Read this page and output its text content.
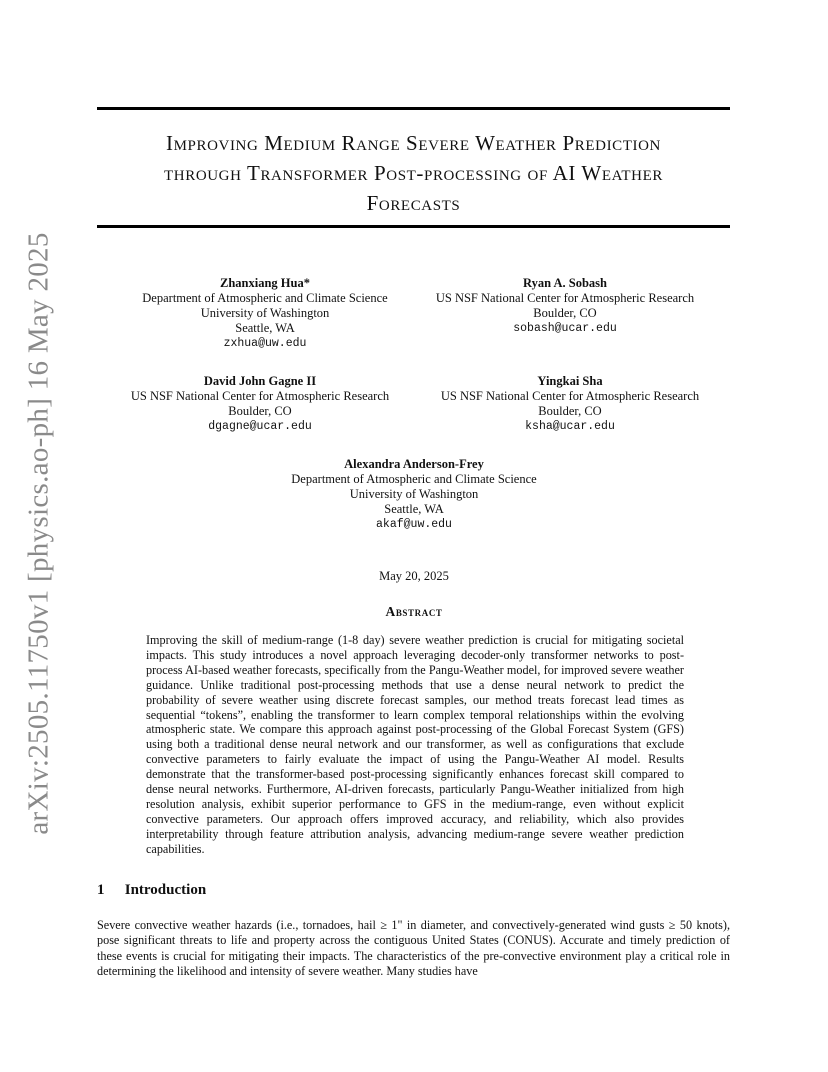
arXiv:2505.11750v1 [physics.ao-ph] 16 May 2025
Improving Medium Range Severe Weather Prediction
through Transformer Post-processing of AI Weather
Forecasts
Zhanxiang Hua*
Department of Atmospheric and Climate Science
University of Washington
Seattle, WA
zxhua@uw.edu
Ryan A. Sobash
US NSF National Center for Atmospheric Research
Boulder, CO
sobash@ucar.edu
David John Gagne II
US NSF National Center for Atmospheric Research
Boulder, CO
dgagne@ucar.edu
Yingkai Sha
US NSF National Center for Atmospheric Research
Boulder, CO
ksha@ucar.edu
Alexandra Anderson-Frey
Department of Atmospheric and Climate Science
University of Washington
Seattle, WA
akaf@uw.edu
May 20, 2025
Abstract

Improving the skill of medium-range (1-8 day) severe weather prediction is crucial for mitigating societal impacts. This study introduces a novel approach leveraging decoder-only transformer networks to post-process AI-based weather forecasts, specifically from the Pangu-Weather model, for improved severe weather guidance. Unlike traditional post-processing methods that use a dense neural network to predict the probability of severe weather using discrete forecast samples, our method treats forecast lead times as sequential “tokens”, enabling the transformer to learn complex temporal relationships within the evolving atmospheric state. We compare this approach against post-processing of the Global Forecast System (GFS) using both a traditional dense neural network and our transformer, as well as configurations that exclude convective parameters to fairly evaluate the impact of using the Pangu-Weather AI model. Results demonstrate that the transformer-based post-processing significantly enhances forecast skill compared to dense neural networks. Furthermore, AI-driven forecasts, particularly Pangu-Weather initialized from high resolution analysis, exhibit superior performance to GFS in the medium-range, even without explicit convective parameters. Our approach offers improved accuracy, and reliability, which also provides interpretability through feature attribution analysis, advancing medium-range severe weather prediction capabilities.

1 Introduction

Severe convective weather hazards (i.e., tornadoes, hail ≥ 1" in diameter, and convectively-generated wind gusts ≥ 50 knots), pose significant threats to life and property across the contiguous United States (CONUS). Accurate and timely prediction of these events is crucial for mitigating their impacts. The characteristics of the pre-convective environment play a critical role in determining the likelihood and intensity of severe weather. Many studies have
